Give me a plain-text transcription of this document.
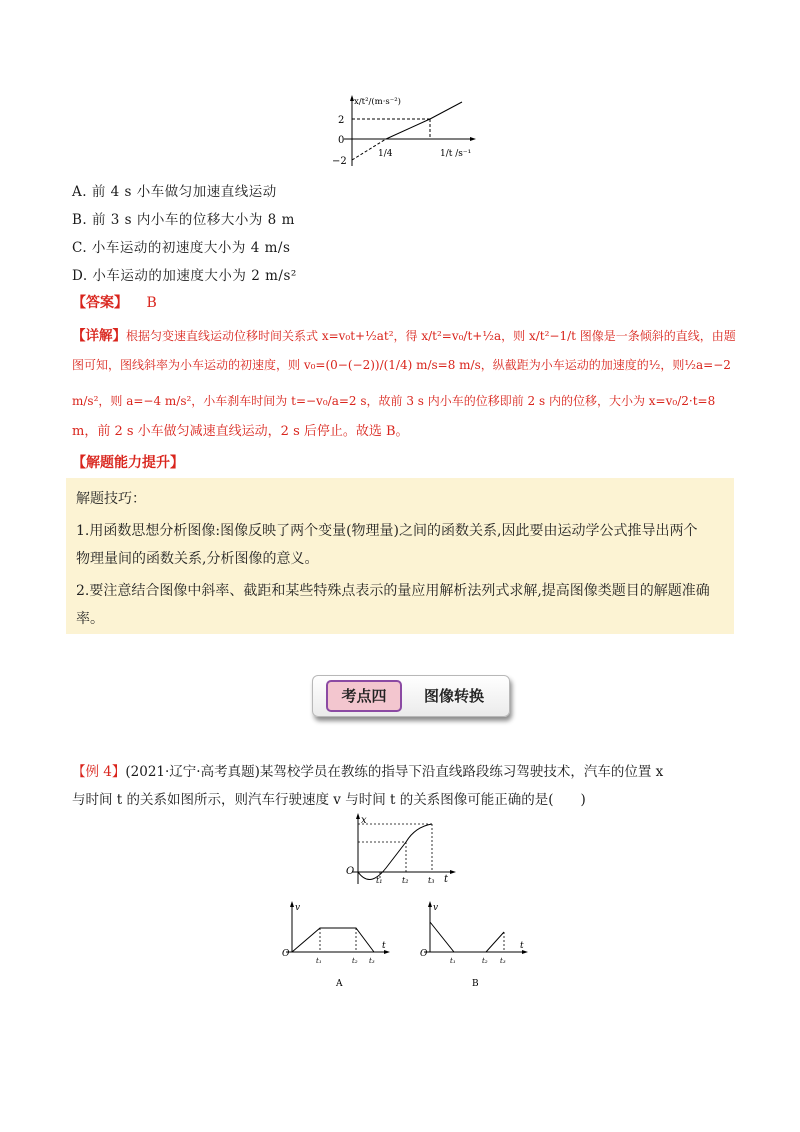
x/t²/(m·s⁻²)
2
0
−2
1/4	1/t /s⁻¹
A. 前 4 s 小车做匀加速直线运动
B. 前 3 s 内小车的位移大小为 8 m
C. 小车运动的初速度大小为 4 m/s
D. 小车运动的加速度大小为 2 m/s²
【答案】 B
【详解】根据匀变速直线运动位移时间关系式 x=v₀t+½at²，得 x/t²=v₀/t+½a，则 x/t²−1/t 图像是一条倾斜的直线，由题
图可知，图线斜率为小车运动的初速度，则 v₀=(0−(−2))/(1/4) m/s=8 m/s，纵截距为小车运动的加速度的½，则½a=−2
m/s²，则 a=−4 m/s²，小车刹车时间为 t=−v₀/a=2 s，故前 3 s 内小车的位移即前 2 s 内的位移，大小为 x=v₀/2·t=8
m，前 2 s 小车做匀减速直线运动，2 s 后停止。故选 B。
【解题能力提升】
解题技巧：
1.用函数思想分析图像:图像反映了两个变量(物理量)之间的函数关系,因此要由运动学公式推导出两个
物理量间的函数关系,分析图像的意义。
2.要注意结合图像中斜率、截距和某些特殊点表示的量应用解析法列式求解,提高图像类题目的解题准确
率。
考点四	图像转换
【例 4】(2021·辽宁·高考真题)某驾校学员在教练的指导下沿直线路段练习驾驶技术，汽车的位置 x
与时间 t 的关系如图所示，则汽车行驶速度 v 与时间 t 的关系图像可能正确的是(　　)
x
t
O
t₁ t₂ t₃
v
t
O
t₁	t₂ t₃
A
v
t
O
t₁	t₂ t₃
B
